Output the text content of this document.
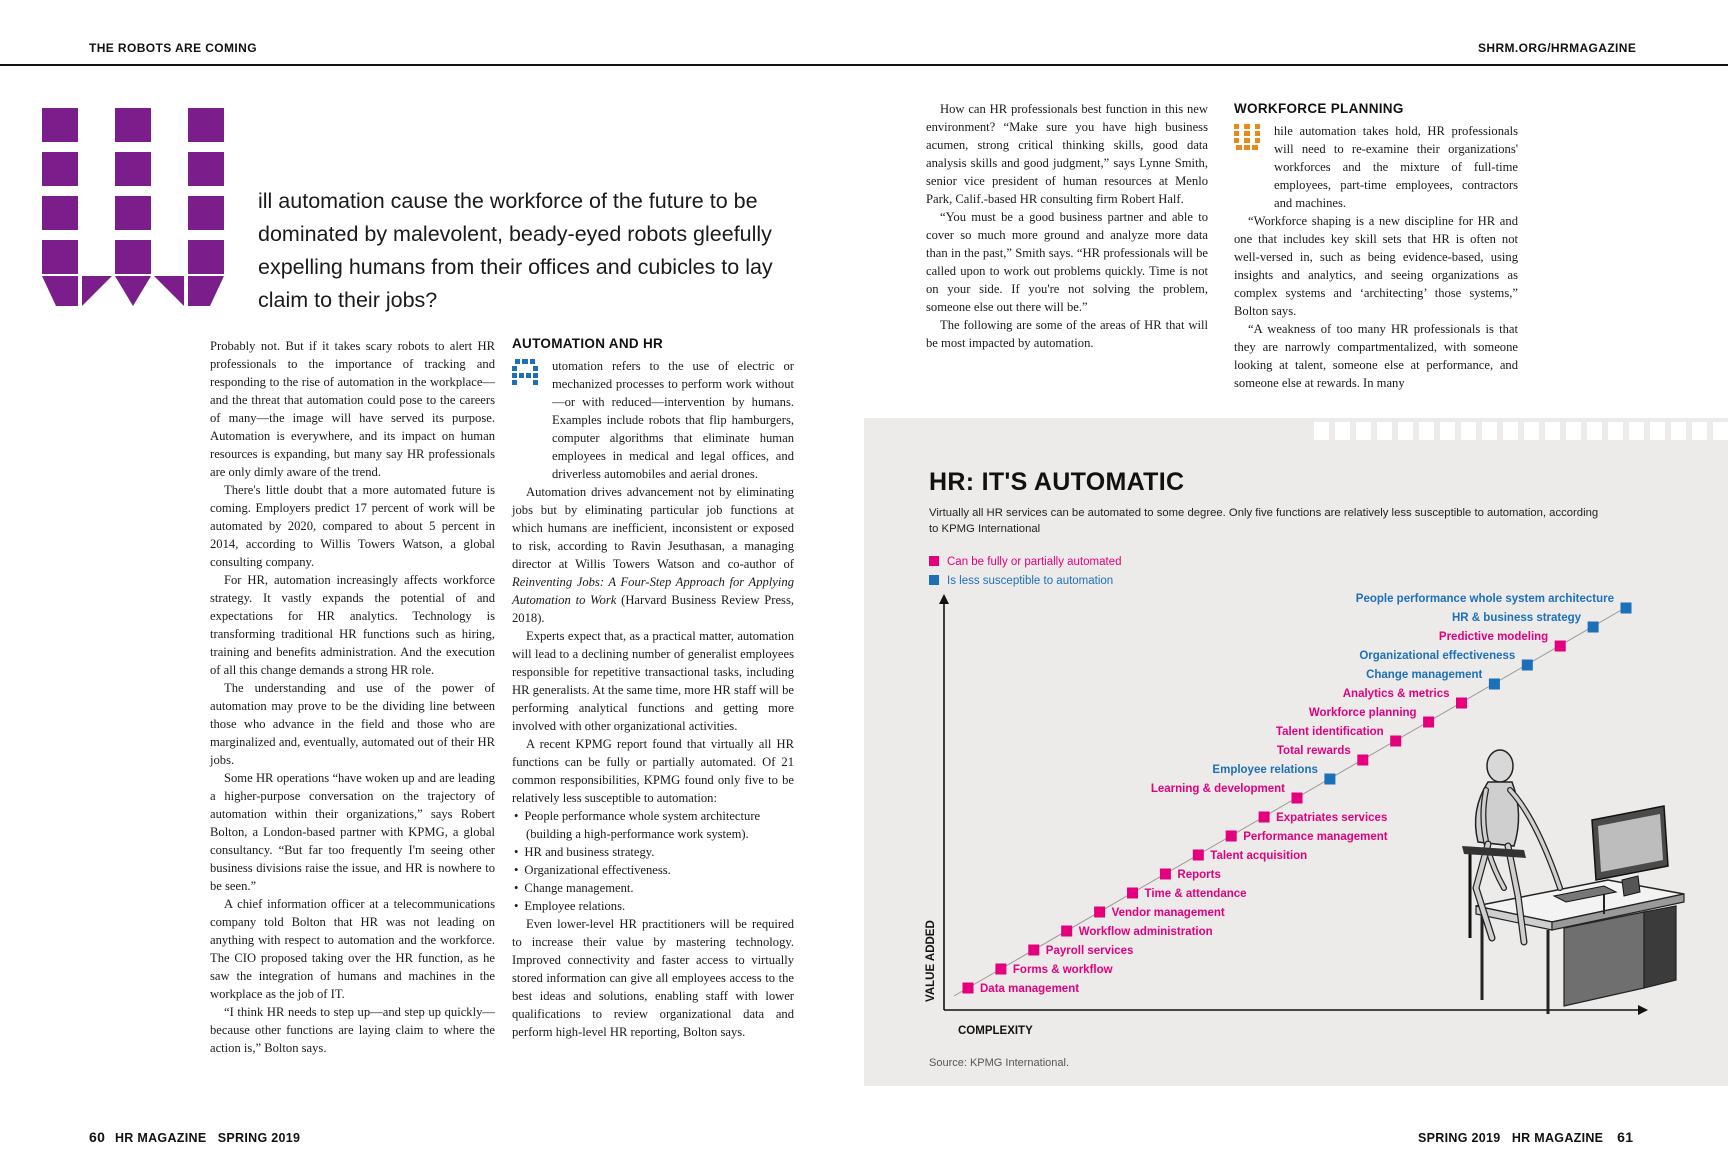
THE ROBOTS ARE COMING	SHRM.ORG/HRMAGAZINE
ill automation cause the workforce of the future to be dominated by malevolent, beady-eyed robots gleefully expelling humans from their offices and cubicles to lay claim to their jobs?

Probably not. But if it takes scary robots to alert HR professionals to the importance of tracking and responding to the rise of automation in the workplace—and the threat that automation could pose to the careers of many—the image will have served its purpose. Automation is everywhere, and its impact on human resources is expanding, but many say HR professionals are only dimly aware of the trend.

There's little doubt that a more automated future is coming. Employers predict 17 percent of work will be automated by 2020, compared to about 5 percent in 2014, according to Willis Towers Watson, a global consulting company.

For HR, automation increasingly affects workforce strategy. It vastly expands the potential of and expectations for HR analytics. Technology is transforming traditional HR functions such as hiring, training and benefits administration. And the execution of all this change demands a strong HR role.

The understanding and use of the power of automation may prove to be the dividing line between those who advance in the field and those who are marginalized and, eventually, automated out of their HR jobs.

Some HR operations “have woken up and are leading a higher-purpose conversation on the trajectory of automation within their organizations,” says Robert Bolton, a London-based partner with KPMG, a global consultancy. “But far too frequently I'm seeing other business divisions raise the issue, and HR is nowhere to be seen.”

A chief information officer at a telecommunications company told Bolton that HR was not leading on anything with respect to automation and the workforce. The CIO proposed taking over the HR function, as he saw the integration of humans and machines in the workplace as the job of IT.

“I think HR needs to step up—and step up quickly—because other functions are laying claim to where the action is,” Bolton says.

AUTOMATION AND HR

utomation refers to the use of electric or mechanized processes to perform work without—or with reduced—intervention by humans. Examples include robots that flip hamburgers, computer algorithms that eliminate human employees in medical and legal offices, and driverless automobiles and aerial drones.

Automation drives advancement not by eliminating jobs but by eliminating particular job functions at which humans are inefficient, inconsistent or exposed to risk, according to Ravin Jesuthasan, a managing director at Willis Towers Watson and co-author of Reinventing Jobs: A Four-Step Approach for Applying Automation to Work (Harvard Business Review Press, 2018).

Experts expect that, as a practical matter, automation will lead to a declining number of generalist employees responsible for repetitive transactional tasks, including HR generalists. At the same time, more HR staff will be performing analytical functions and getting more involved with other organizational activities.

A recent KPMG report found that virtually all HR functions can be fully or partially automated. Of 21 common responsibilities, KPMG found only five to be relatively less susceptible to automation:

• People performance whole system architecture (building a high-performance work system).
• HR and business strategy.
• Organizational effectiveness.
• Change management.
• Employee relations.

Even lower-level HR practitioners will be required to increase their value by mastering technology. Improved connectivity and faster access to virtually stored information can give all employees access to the best ideas and solutions, enabling staff with lower qualifications to review organizational data and perform high-level HR reporting, Bolton says.

How can HR professionals best function in this new environment? “Make sure you have high business acumen, strong critical thinking skills, good data analysis skills and good judgment,” says Lynne Smith, senior vice president of human resources at Menlo Park, Calif.-based HR consulting firm Robert Half.

“You must be a good business partner and able to cover so much more ground and analyze more data than in the past,” Smith says. “HR professionals will be called upon to work out problems quickly. Time is not on your side. If you're not solving the problem, someone else out there will be.”

The following are some of the areas of HR that will be most impacted by automation.

WORKFORCE PLANNING

hile automation takes hold, HR professionals will need to re-examine their organizations' workforces and the mixture of full-time employees, part-time employees, contractors and machines.

“Workforce shaping is a new discipline for HR and one that includes key skill sets that HR is often not well-versed in, such as being evidence-based, using insights and analytics, and seeing organizations as complex systems and ‘architecting’ those systems,” Bolton says.

“A weakness of too many HR professionals is that they are narrowly compartmentalized, with someone looking at talent, someone else at performance, and someone else at rewards. In many

COMPLEXITY
VALUE ADDED	Data management
Forms & workflow
Payroll services
Workflow administration
Vendor management
Time & attendance
Reports
Talent acquisition
Performance management
Expatriates services
Learning & development
Employee relations
Total rewards
Talent identification
Workforce planning
Analytics & metrics
Change management
Organizational effectiveness
Predictive modeling
HR & business strategy
People performance whole system architecture
HR: IT'S AUTOMATIC
Virtually all HR services can be automated to some degree. Only five functions are relatively less susceptible to automation, according to KPMG International
Can be fully or partially automated
Is less susceptible to automation
Source: KPMG International.
60 HR MAGAZINE   SPRING 2019	SPRING 2019   HR MAGAZINE 61
